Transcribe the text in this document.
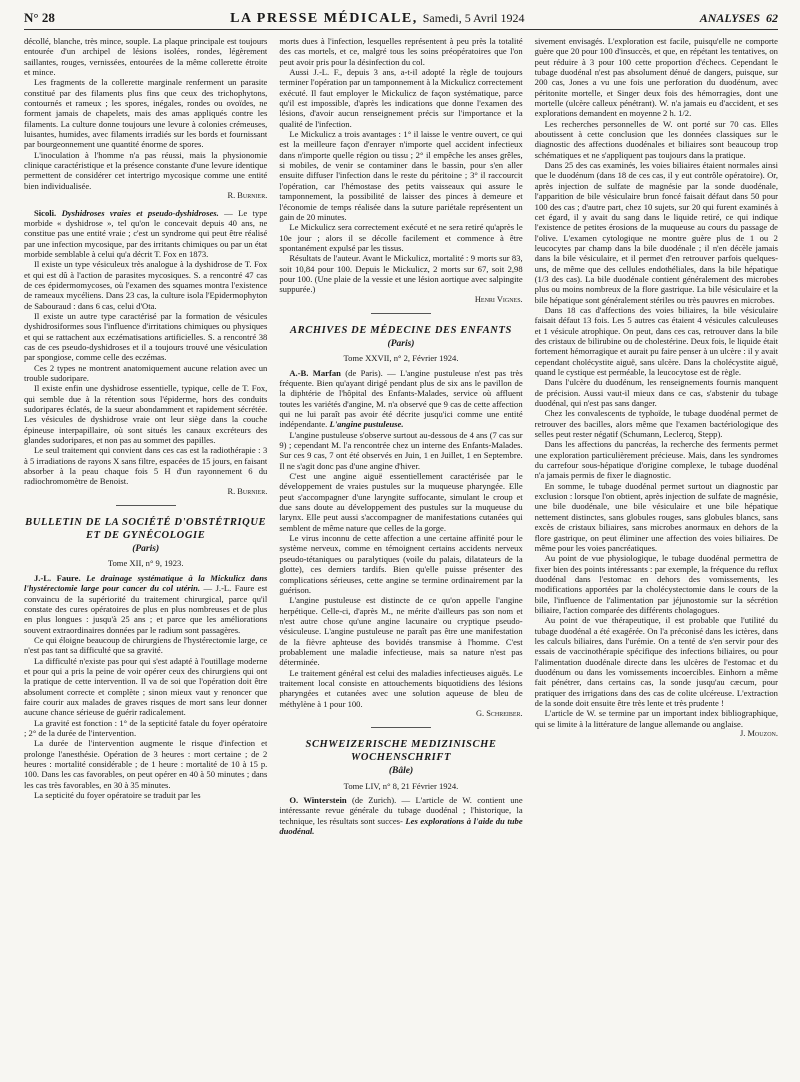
N° 28	LA PRESSE MÉDICALE, Samedi, 5 Avril 1924	ANALYSES 62

décollé, blanche, très mince, souple. La plaque principale est toujours entourée d'un archipel de lésions isolées, rondes, légèrement saillantes, rouges, vernissées, entourées de la même collerette étroite et mince.

Les fragments de la collerette marginale renferment un parasite constitué par des filaments plus fins que ceux des trichophytons, contournés et rameux ; les spores, inégales, rondes ou ovoïdes, ne forment jamais de chapelets, mais des amas appliqués contre les filaments. La culture donne toujours une levure à colonies crémeuses, luisantes, humides, avec filaments irradiés sur les bords et fournissant par bourgeonnement une quantité énorme de spores.

L'inoculation à l'homme n'a pas réussi, mais la physionomie clinique caractéristique et la présence constante d'une levure identique permettent de considérer cet intertrigo mycosique comme une entité bien individualisée.

R. Burnier.

Sicoli. Dyshidroses vraies et pseudo-dyshidroses. — Le type morbide « dyshidrose », tel qu'on le concevait depuis 40 ans, ne constitue pas une entité vraie ; c'est un syndrome qui peut être réalisé par une infection mycosique, par des irritants chimiques ou par un état morbide semblable à celui qu'a décrit T. Fox en 1873.

Il existe un type vésiculeux très analogue à la dyshidrose de T. Fox et qui est dû à l'action de parasites mycosiques. S. a rencontré 47 cas de ces épidermomycoses, où l'examen des squames montra l'existence de rameaux mycéliens. Dans 23 cas, la culture isola l'Epidermophyton de Sabouraud : dans 6 cas, celui d'Ota.

Il existe un autre type caractérisé par la formation de vésicules dyshidrosiformes sous l'influence d'irritations chimiques ou physiques et qui se rattachent aux eczématisations artificielles. S. a rencontré 38 cas de ces pseudo-dyshidroses et il a toujours trouvé une vésiculation par spongiose, comme celle des eczémas.

Ces 2 types ne montrent anatomiquement aucune relation avec un trouble sudoripare.

Il existe enfin une dyshidrose essentielle, typique, celle de T. Fox, qui semble due à la rétention sous l'épiderme, hors des conduits sudoripares éclatés, de la sueur abondamment et rapidement sécrétée. Les vésicules de dyshidrose vraie ont leur siège dans la couche épineuse interpapillaire, où sont situés les canaux excréteurs des glandes sudoripares, et non pas au sommet des papilles.

Le seul traitement qui convient dans ces cas est la radiothérapie : 3 à 5 irradiations de rayons X sans filtre, espacées de 15 jours, en faisant absorber à la peau chaque fois 5 H d'un rayonnement 6 du radiochromomètre de Benoist.

R. Burnier.
BULLETIN DE LA SOCIÉTÉ D'OBSTÉTRIQUE ET DE GYNÉCOLOGIE
(Paris)
Tome XII, n° 9, 1923.

J.-L. Faure. Le drainage systématique à la Mickulicz dans l'hystérectomie large pour cancer du col utérin. — J.-L. Faure est convaincu de la supériorité du traitement chirurgical, parce qu'il constate des cures opératoires de plus en plus nombreuses et de plus en plus longues : jusqu'à 25 ans ; et parce que les améliorations souvent extraordinaires données par le radium sont passagères.

Ce qui éloigne beaucoup de chirurgiens de l'hystérectomie large, ce n'est pas tant sa difficulté que sa gravité.

La difficulté n'existe pas pour qui s'est adapté à l'outillage moderne et pour qui a pris la peine de voir opérer ceux des chirurgiens qui ont la pratique de cette intervention. Il va de soi que l'opération doit être absolument correcte et complète ; sinon mieux vaut y renoncer que faire courir aux malades de graves risques de mort sans leur donner aucune chance sérieuse de guérir radicalement.

La gravité est fonction : 1° de la septicité fatale du foyer opératoire ; 2° de la durée de l'intervention.

La durée de l'intervention augmente le risque d'infection et prolonge l'anesthésie. Opération de 3 heures : mort certaine ; de 2 heures : mortalité considérable ; de 1 heure : mortalité de 10 à 15 p. 100. Dans les cas favorables, on peut opérer en 40 à 50 minutes ; dans les cas très favorables, en 30 à 35 minutes.

La septicité du foyer opératoire se traduit par les

morts dues à l'infection, lesquelles représentent à peu près la totalité des cas mortels, et ce, malgré tous les soins préopératoires que l'on peut avoir pris pour la désinfection du col.

Aussi J.-L. F., depuis 3 ans, a-t-il adopté la règle de toujours terminer l'opération par un tamponnement à la Mickulicz correctement exécuté. Il faut employer le Mickulicz de façon systématique, parce qu'il est impossible, d'après les indications que donne l'examen des lésions, d'avoir aucun renseignement précis sur l'importance et la qualité de l'infection.

Le Mickulicz a trois avantages : 1° il laisse le ventre ouvert, ce qui est la meilleure façon d'enrayer n'importe quel accident infectieux dans n'importe quelle région ou tissu ; 2° il empêche les anses grêles, si mobiles, de venir se contaminer dans le bassin, pour s'en aller ensuite diffuser l'infection dans le reste du péritoine ; 3° il raccourcit l'opération, car l'hémostase des petits vaisseaux qui assure le tamponnement, la possibilité de laisser des pinces à demeure et l'économie de temps réalisée dans la suture pariétale représentent un gain de 20 minutes.

Le Mickulicz sera correctement exécuté et ne sera retiré qu'après le 10e jour ; alors il se décolle facilement et commence à être spontanément expulsé par les tissus.

Résultats de l'auteur. Avant le Mickulicz, mortalité : 9 morts sur 83, soit 10,84 pour 100. Depuis le Mickulicz, 2 morts sur 67, soit 2,98 pour 100. (Une plaie de la vessie et une lésion aortique avec salpingite suppurée.)

Henri Vignes.
ARCHIVES DE MÉDECINE DES ENFANTS
(Paris)
Tome XXVII, n° 2, Février 1924.

A.-B. Marfan (de Paris). — L'angine pustuleuse n'est pas très fréquente. Bien qu'ayant dirigé pendant plus de six ans le pavillon de la diphtérie de l'hôpital des Enfants-Malades, service où affluent toutes les variétés d'angine, M. n'a observé que 9 cas de cette affection qui ne lui paraît pas avoir été décrite jusqu'ici comme une entité indépendante. L'angine pustuleuse.

L'angine pustuleuse s'observe surtout au-dessous de 4 ans (7 cas sur 9) ; cependant M. l'a rencontrée chez un interne des Enfants-Malades. Sur ces 9 cas, 7 ont été observés en Juin, 1 en Juillet, 1 en Septembre. Il ne s'agit donc pas d'une angine d'hiver.

C'est une angine aiguë essentiellement caractérisée par le développement de vraies pustules sur la muqueuse pharyngée. Elle peut s'accompagner d'une laryngite suffocante, simulant le croup et due sans doute au développement des pustules sur la muqueuse du larynx. Elle peut aussi s'accompagner de manifestations cutanées qui semblent de même nature que celles de la gorge.

Le virus inconnu de cette affection a une certaine affinité pour le système nerveux, comme en témoignent certains accidents nerveux pseudo-tétaniques ou paralytiques (voile du palais, dilatateurs de la glotte), ces derniers tardifs. Bien qu'elle puisse présenter des complications sérieuses, cette angine se termine ordinairement par la guérison.

L'angine pustuleuse est distincte de ce qu'on appelle l'angine herpétique. Celle-ci, d'après M., ne mérite d'ailleurs pas son nom et n'est autre chose qu'une angine lacunaire ou cryptique pseudo-vésiculeuse. L'angine pustuleuse ne paraît pas être une manifestation de la fièvre aphteuse des bovidés transmise à l'homme. C'est probablement une maladie infectieuse, mais sa nature n'est pas déterminée.

Le traitement général est celui des maladies infectieuses aiguës. Le traitement local consiste en attouchements biquotidiens des lésions pharyngées et cutanées avec une solution aqueuse de bleu de méthylène à 1 pour 100.

G. Schreiber.
SCHWEIZERISCHE MEDIZINISCHE WOCHENSCHRIFT
(Bâle)
Tome LIV, n° 8, 21 Février 1924.

O. Winterstein (de Zurich). — L'article de W. contient une intéressante revue générale du tubage duodénal ; l'historique, la technique, les résultats sont succes- Les explorations à l'aide du tube duodénal.

sivement envisagés. L'exploration est facile, puisqu'elle ne comporte guère que 20 pour 100 d'insuccès, et que, en répétant les tentatives, on peut réduire à 3 pour 100 cette proportion d'échecs. Cependant le tubage duodénal n'est pas absolument dénué de dangers, puisque, sur 200 cas, Jones a vu une fois une perforation du duodénum, avec péritonite mortelle, et Singer deux fois des hémorragies, dont une mortelle (ulcère calleux pénétrant). W. n'a jamais eu d'accident, et ses explorations demandent en moyenne 2 h. 1/2.

Les recherches personnelles de W. ont porté sur 70 cas. Elles aboutissent à cette conclusion que les données classiques sur le diagnostic des affections duodénales et biliaires sont beaucoup trop schématiques et ne s'appliquent pas toujours dans la pratique.

Dans 25 des cas examinés, les voies biliaires étaient normales ainsi que le duodénum (dans 18 de ces cas, il y eut contrôle opératoire). Or, après injection de sulfate de magnésie par la sonde duodénale, l'apparition de bile vésiculaire brun foncé faisait défaut dans 50 pour 100 des cas ; d'autre part, chez 10 sujets, sur 20 qui furent examinés à cet égard, il y avait du sang dans le liquide retiré, ce qui indique l'existence de petites érosions de la muqueuse au cours du passage de l'olive. L'examen cytologique ne montre guère plus de 1 ou 2 leucocytes par champ dans la bile duodénale ; il n'en décèle jamais dans la bile vésiculaire, et il permet d'en retrouver parfois quelques-uns, de même que des cellules endothéliales, dans la bile hépatique (1/3 des cas). La bile duodénale contient généralement des microbes plus ou moins nombreux de la flore gastrique. La bile vésiculaire et la bile hépatique sont généralement stériles ou très pauvres en microbes.

Dans 18 cas d'affections des voies biliaires, la bile vésiculaire faisait défaut 13 fois. Les 5 autres cas étaient 4 vésicules calculeuses et 1 vésicule atrophique. On peut, dans ces cas, retrouver dans la bile des cristaux de bilirubine ou de cholestérine. Deux fois, le liquide était fortement hémorragique et aurait pu faire penser à un ulcère : il y avait cependant cholécystite aiguë, sans ulcère. Dans la cholécystite aiguë, quand le cystique est perméable, la leucocytose est de règle.

Dans l'ulcère du duodénum, les renseignements fournis manquent de précision. Aussi vaut-il mieux dans ce cas, s'abstenir du tubage duodénal, qui n'est pas sans danger.

Chez les convalescents de typhoïde, le tubage duodénal permet de retrouver des bacilles, alors même que l'examen bactériologique des selles peut rester négatif (Schumann, Leclercq, Stepp).

Dans les affections du pancréas, la recherche des ferments permet une exploration particulièrement précieuse. Mais, dans les syndromes du carrefour sous-hépatique d'origine complexe, le tubage duodénal n'a jamais permis de fixer le diagnostic.

En somme, le tubage duodénal permet surtout un diagnostic par exclusion : lorsque l'on obtient, après injection de sulfate de magnésie, une bile duodénale, une bile vésiculaire et une bile hépatique nettement distinctes, sans globules rouges, sans globules blancs, sans excès de cristaux biliaires, sans microbes anormaux en dehors de la flore gastrique, on peut éliminer une affection des voies biliaires. De même pour les voies pancréatiques.

Au point de vue physiologique, le tubage duodénal permettra de fixer bien des points intéressants : par exemple, la fréquence du reflux duodénal dans l'estomac en dehors des vomissements, les modifications apportées par la cholécystectomie dans le cours de la bile, l'influence de l'alimentation par jéjunostomie sur la sécrétion biliaire, l'action comparée des différents cholagogues.

Au point de vue thérapeutique, il est probable que l'utilité du tubage duodénal a été exagérée. On l'a préconisé dans les ictères, dans les calculs biliaires, dans l'urémie. On a tenté de s'en servir pour des essais de vaccinothérapie spécifique des infections biliaires, ou pour l'alimentation duodénale directe dans les ulcères de l'estomac et du duodénum ou dans les vomissements incoercibles. Einhorn a même fait pénétrer, dans certains cas, la sonde jusqu'au cæcum, pour pratiquer des irrigations dans des cas de colite ulcéreuse. L'extraction de la sonde doit ensuite être très lente et très prudente !

L'article de W. se termine par un important index bibliographique, qui se limite à la littérature de langue allemande ou anglaise.

J. Mouzon.
